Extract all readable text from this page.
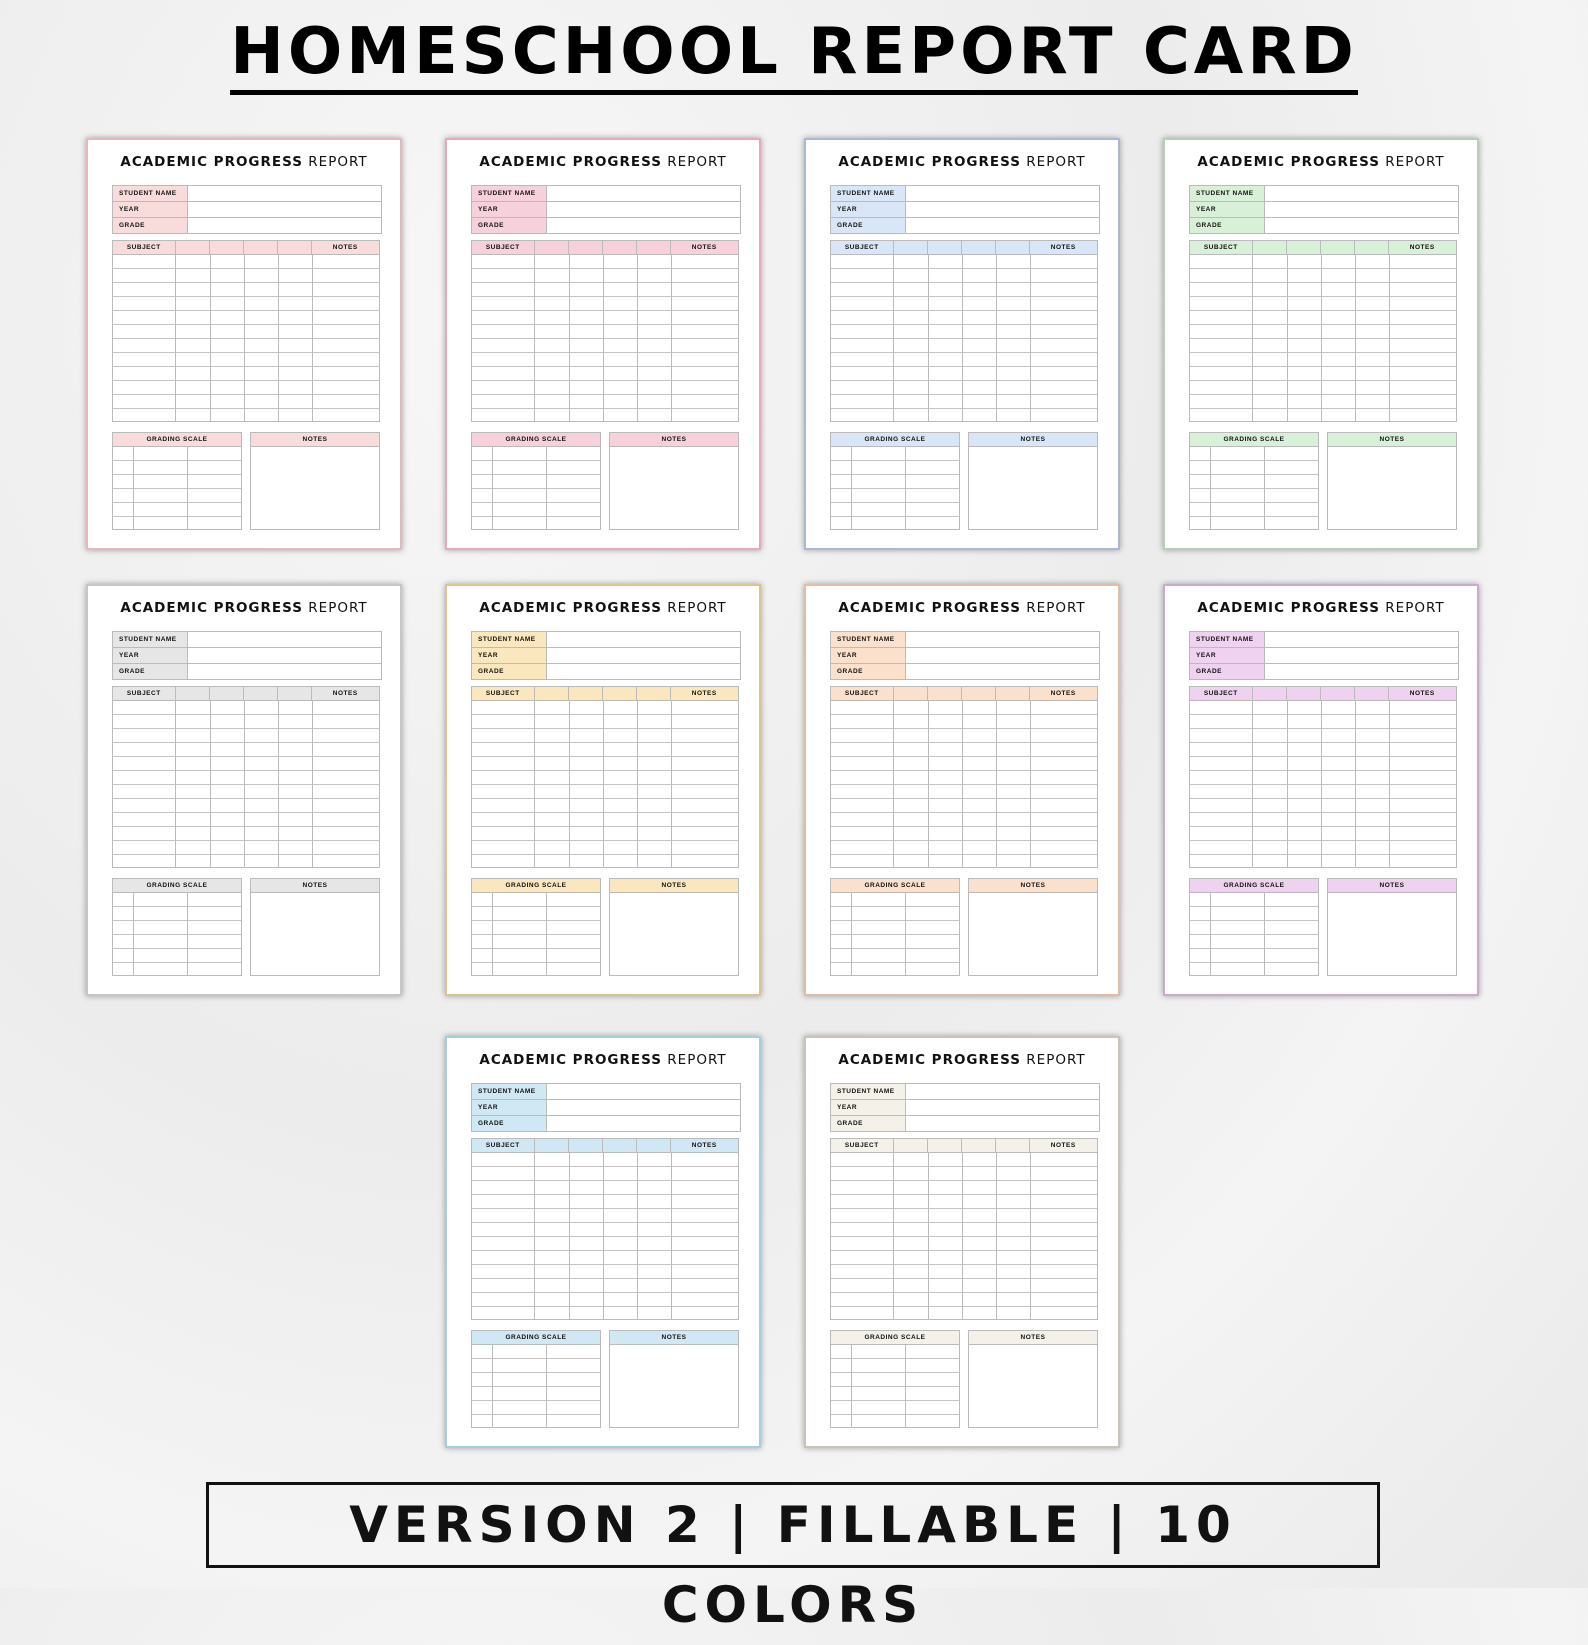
HOMESCHOOL REPORT CARD
ACADEMIC PROGRESS REPORT
STUDENT NAME
YEAR
GRADE
SUBJECT	NOTES
GRADING SCALE	NOTES
ACADEMIC PROGRESS REPORT
STUDENT NAME
YEAR
GRADE
SUBJECT	NOTES
GRADING SCALE	NOTES
ACADEMIC PROGRESS REPORT
STUDENT NAME
YEAR
GRADE
SUBJECT	NOTES
GRADING SCALE	NOTES
ACADEMIC PROGRESS REPORT
STUDENT NAME
YEAR
GRADE
SUBJECT	NOTES
GRADING SCALE	NOTES
ACADEMIC PROGRESS REPORT
STUDENT NAME
YEAR
GRADE
SUBJECT	NOTES
GRADING SCALE	NOTES
ACADEMIC PROGRESS REPORT
STUDENT NAME
YEAR
GRADE
SUBJECT	NOTES
GRADING SCALE	NOTES
ACADEMIC PROGRESS REPORT
STUDENT NAME
YEAR
GRADE
SUBJECT	NOTES
GRADING SCALE	NOTES
ACADEMIC PROGRESS REPORT
STUDENT NAME
YEAR
GRADE
SUBJECT	NOTES
GRADING SCALE	NOTES
ACADEMIC PROGRESS REPORT
STUDENT NAME
YEAR
GRADE
SUBJECT	NOTES
GRADING SCALE	NOTES
ACADEMIC PROGRESS REPORT
STUDENT NAME
YEAR
GRADE
SUBJECT	NOTES
GRADING SCALE	NOTES
VERSION 2 | FILLABLE | 10 COLORS
